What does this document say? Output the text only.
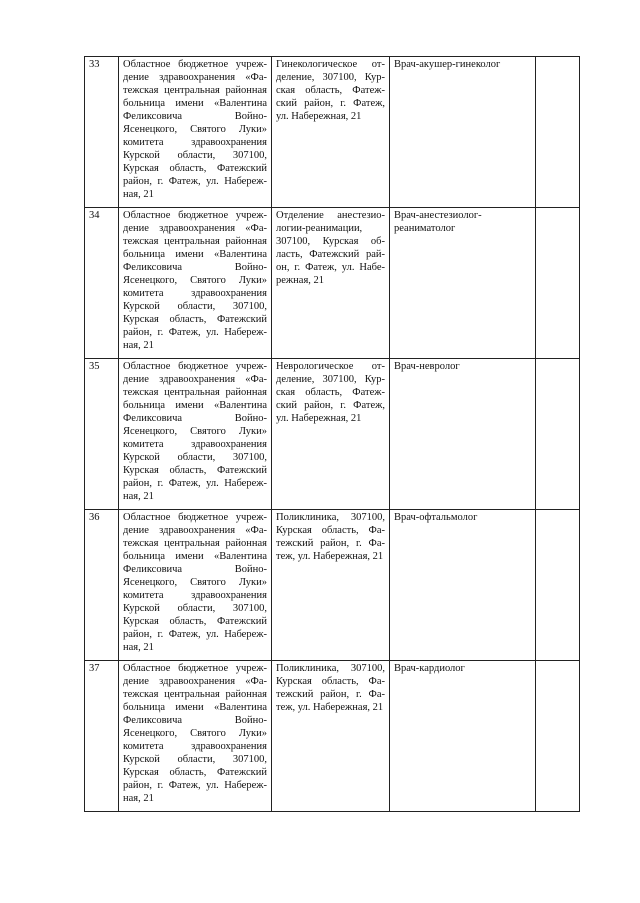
33	Областное бюджетное учреждение здравоохранения «Фатежская центральная районная больница имени «Валентина Феликсовича Войно-Ясенецкого, Святого Луки» комитета здравоохранения Курской области, 307100, Курская область, Фатежский район, г. Фатеж, ул. Набережная, 21	Гинекологическое отделение, 307100, Курская область, Фатежский район, г. Фатеж, ул. Набережная, 21	Врач-акушер-гинеколог	
34	Областное бюджетное учреждение здравоохранения «Фатежская центральная районная больница имени «Валентина Феликсовича Войно-Ясенецкого, Святого Луки» комитета здравоохранения Курской области, 307100, Курская область, Фатежский район, г. Фатеж, ул. Набережная, 21	Отделение анестезиологии-реанимации, 307100, Курская область, Фатежский район, г. Фатеж, ул. Набережная, 21	Врач-анестезиолог-реаниматолог	
35	Областное бюджетное учреждение здравоохранения «Фатежская центральная районная больница имени «Валентина Феликсовича Войно-Ясенецкого, Святого Луки» комитета здравоохранения Курской области, 307100, Курская область, Фатежский район, г. Фатеж, ул. Набережная, 21	Неврологическое отделение, 307100, Курская область, Фатежский район, г. Фатеж, ул. Набережная, 21	Врач-невролог	
36	Областное бюджетное учреждение здравоохранения «Фатежская центральная районная больница имени «Валентина Феликсовича Войно-Ясенецкого, Святого Луки» комитета здравоохранения Курской области, 307100, Курская область, Фатежский район, г. Фатеж, ул. Набережная, 21	Поликлиника, 307100, Курская область, Фатежский район, г. Фатеж, ул. Набережная, 21	Врач-офтальмолог	
37	Областное бюджетное учреждение здравоохранения «Фатежская центральная районная больница имени «Валентина Феликсовича Войно-Ясенецкого, Святого Луки» комитета здравоохранения Курской области, 307100, Курская область, Фатежский район, г. Фатеж, ул. Набережная, 21	Поликлиника, 307100, Курская область, Фатежский район, г. Фатеж, ул. Набережная, 21	Врач-кардиолог	
